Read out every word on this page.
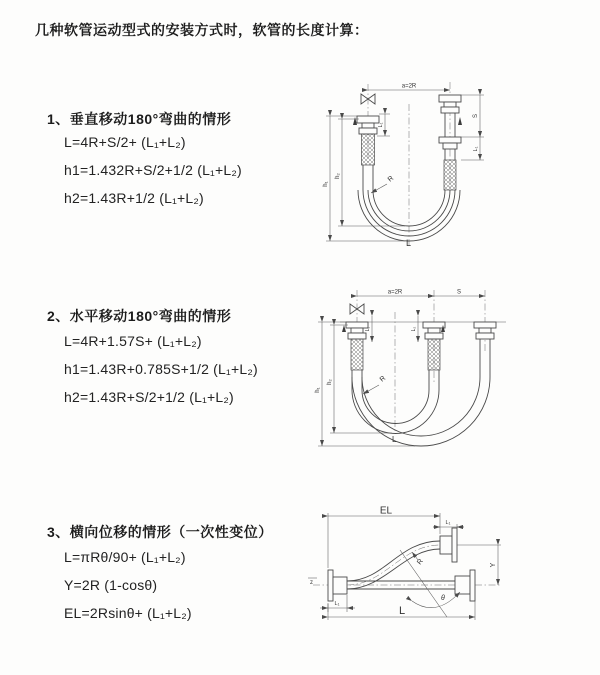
几种软管运动型式的安装方式时，软管的长度计算：
1、垂直移动180°弯曲的情形
L=4R+S/2+ (L₁+L₂)
h1=1.432R+S/2+1/2 (L₁+L₂)
h2=1.43R+1/2 (L₁+L₂)
2、水平移动180°弯曲的情形
L=4R+1.57S+ (L₁+L₂)
h1=1.43R+0.785S+1/2 (L₁+L₂)
h2=1.43R+S/2+1/2 (L₁+L₂)
3、横向位移的情形（一次性变位）
L=πRθ/90+ (L₁+L₂)
Y=2R (1-cosθ)
EL=2Rsinθ+ (L₁+L₂)
a=2R
h₁
h₂
L₁
S
L₁
R
L
a=2R	S
h₁
h₂
L₁	L₂
R
L
z
EL
L₁
Y
θ
R
L₁
L
